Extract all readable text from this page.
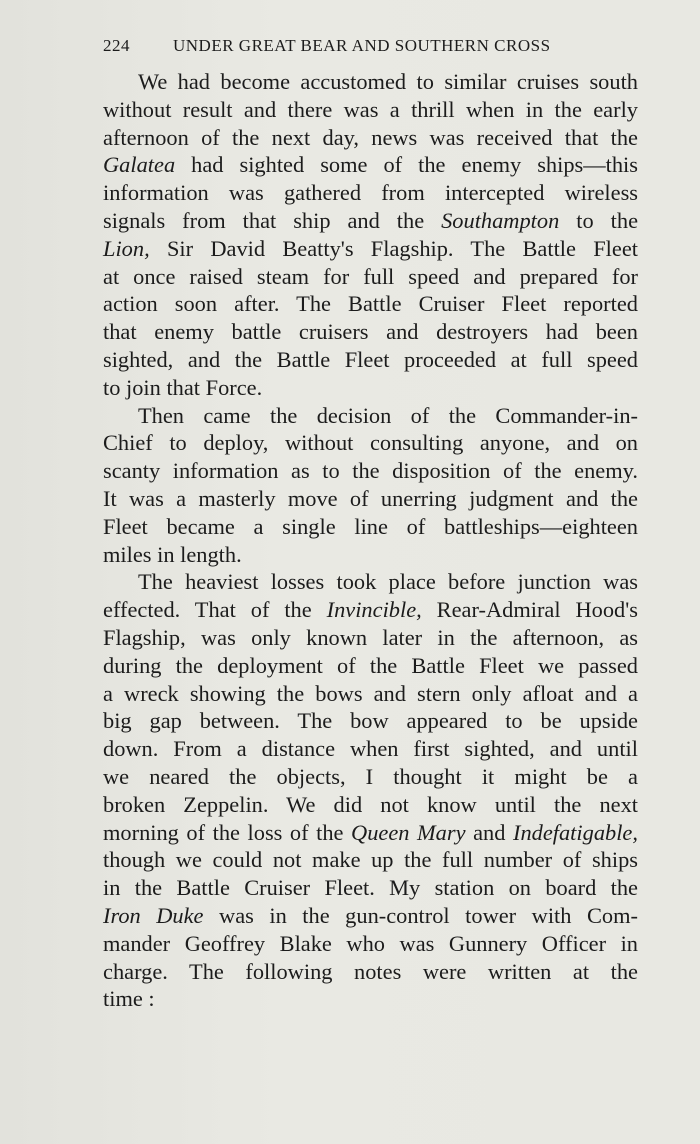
224	UNDER GREAT BEAR AND SOUTHERN CROSS
We had become accustomed to similar cruises south
without result and there was a thrill when in the early
afternoon of the next day, news was received that the
Galatea had sighted some of the enemy ships—this
information was gathered from intercepted wireless
signals from that ship and the Southampton to the
Lion, Sir David Beatty's Flagship. The Battle Fleet
at once raised steam for full speed and prepared for
action soon after. The Battle Cruiser Fleet reported
that enemy battle cruisers and destroyers had been
sighted, and the Battle Fleet proceeded at full speed
to join that Force.
Then came the decision of the Commander-in-
Chief to deploy, without consulting anyone, and on
scanty information as to the disposition of the enemy.
It was a masterly move of unerring judgment and the
Fleet became a single line of battleships—eighteen
miles in length.
The heaviest losses took place before junction was
effected. That of the Invincible, Rear-Admiral Hood's
Flagship, was only known later in the afternoon, as
during the deployment of the Battle Fleet we passed
a wreck showing the bows and stern only afloat and a
big gap between. The bow appeared to be upside
down. From a distance when first sighted, and until
we neared the objects, I thought it might be a
broken Zeppelin. We did not know until the next
morning of the loss of the Queen Mary and Indefatigable,
though we could not make up the full number of ships
in the Battle Cruiser Fleet. My station on board the
Iron Duke was in the gun-control tower with Com-
mander Geoffrey Blake who was Gunnery Officer in
charge. The following notes were written at the
time :
